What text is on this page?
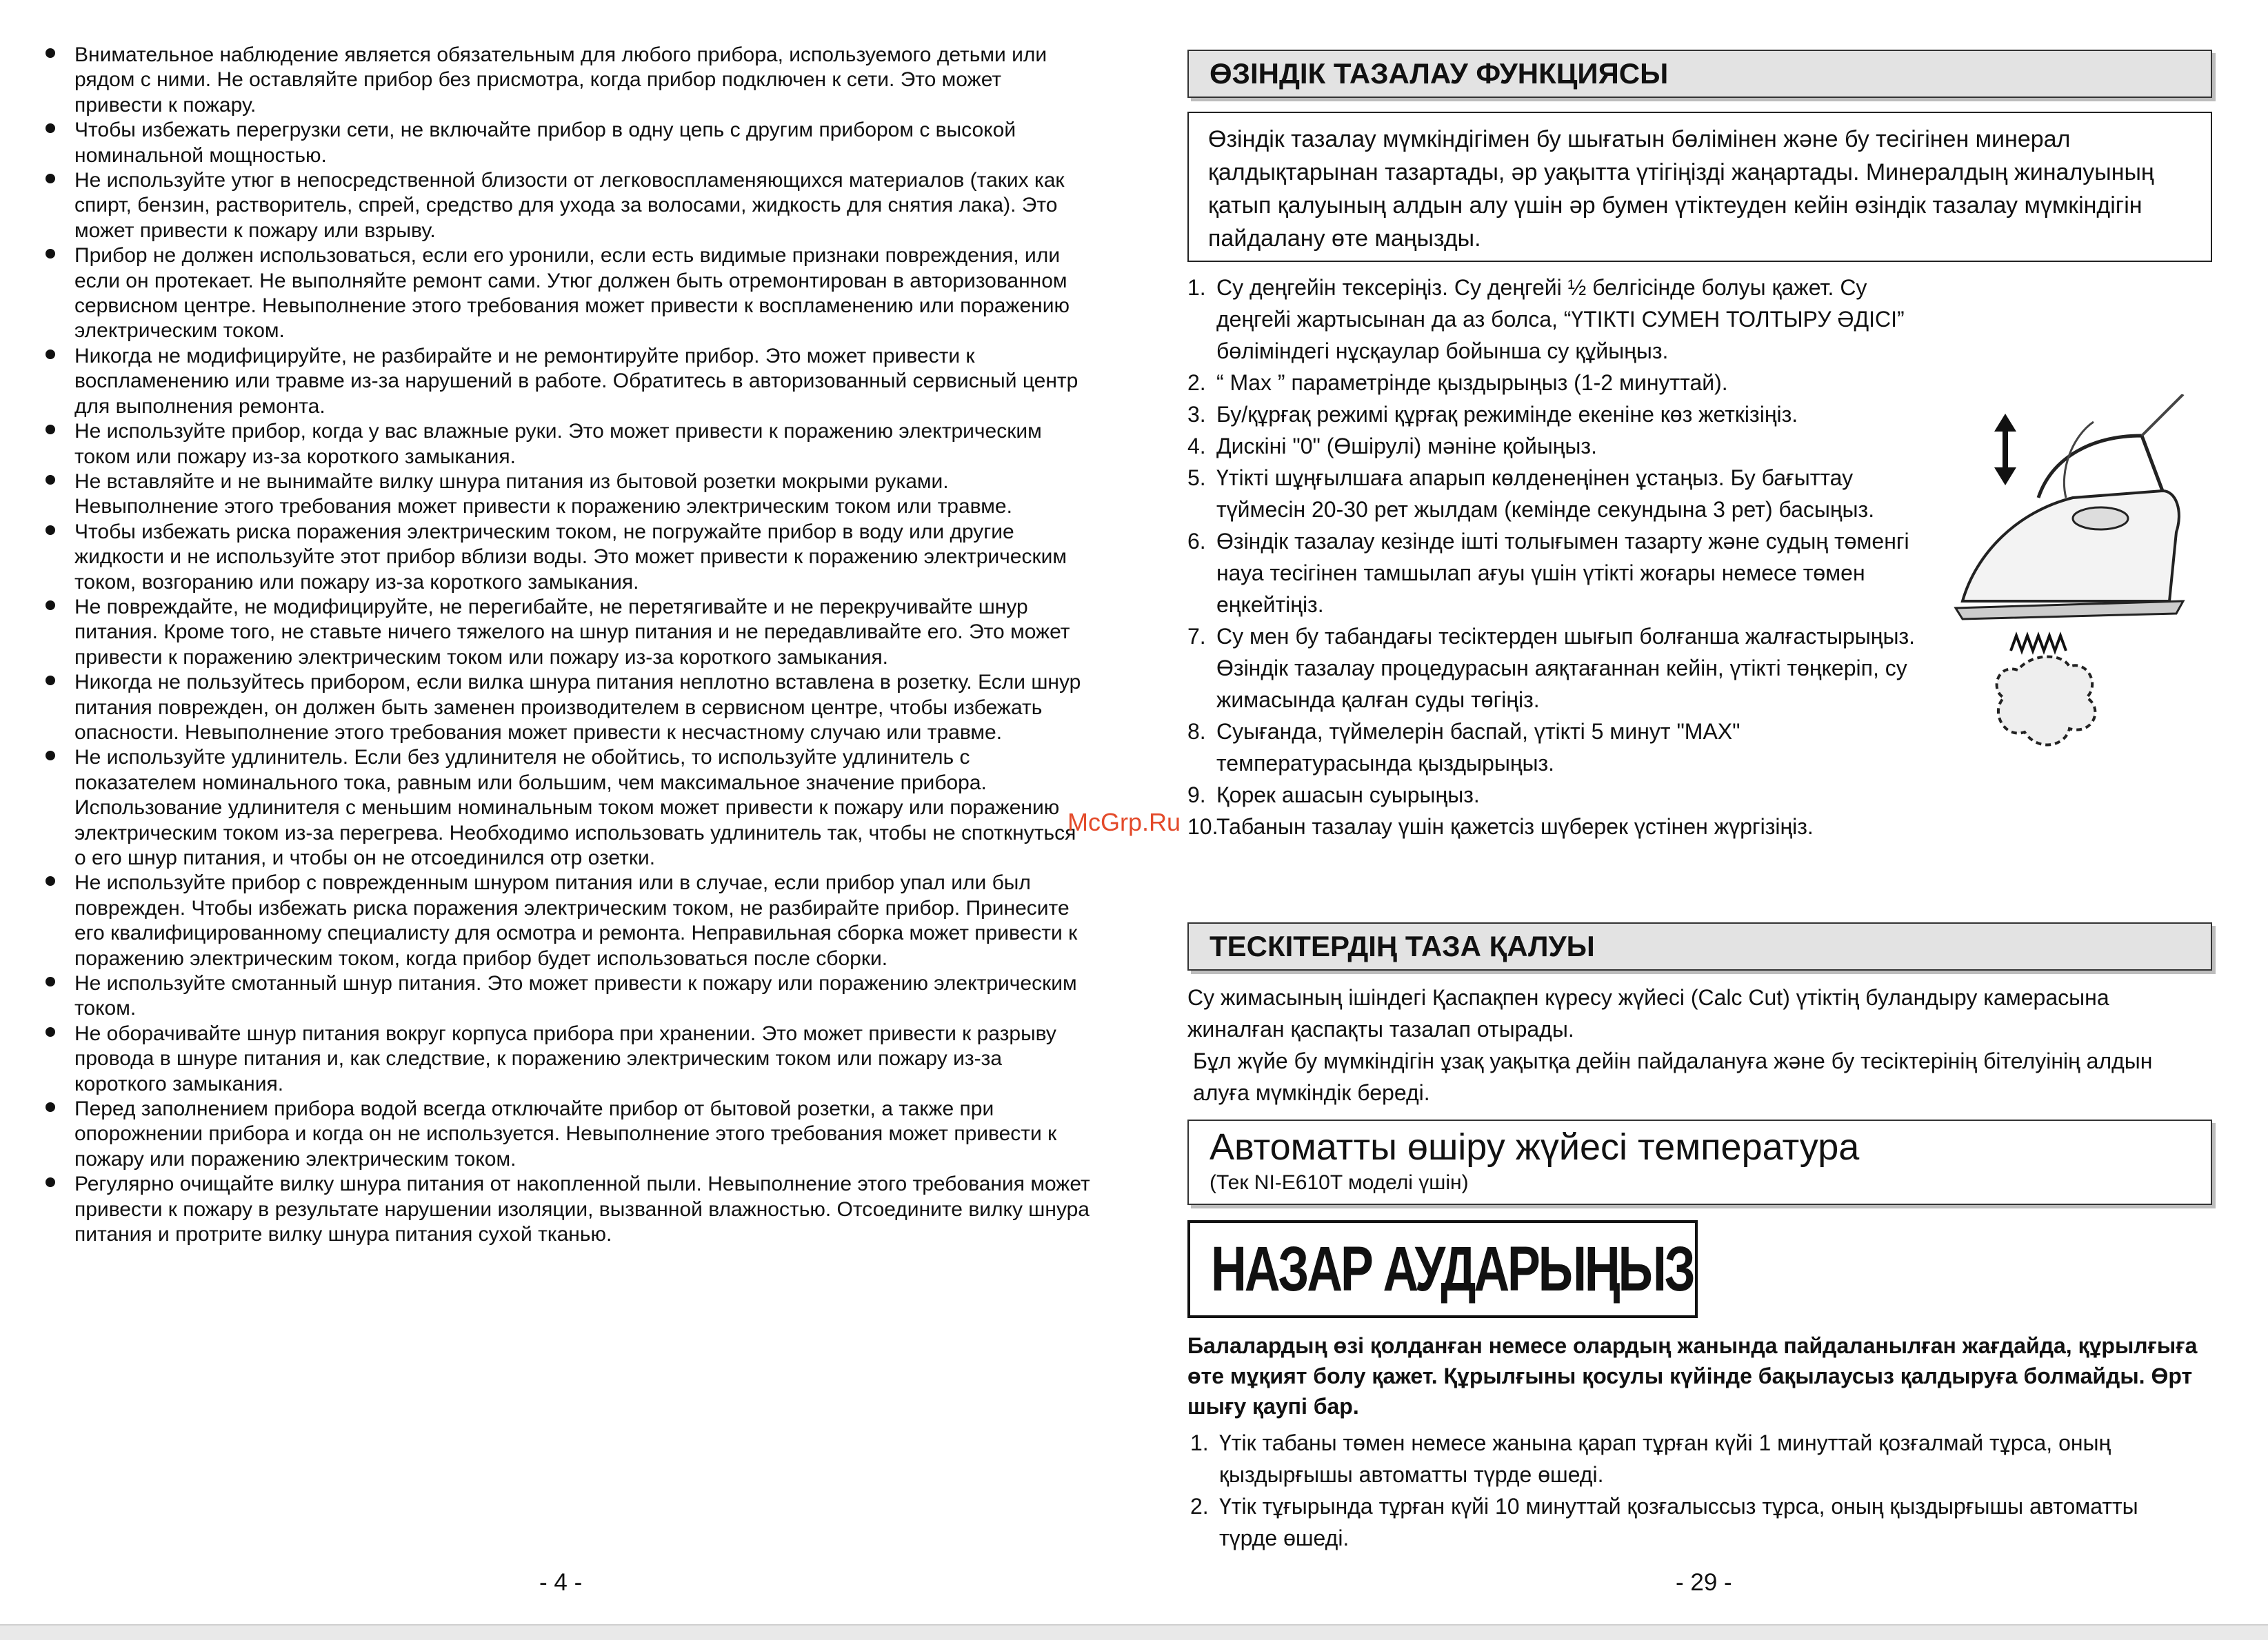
Внимательное наблюдение является обязательным для любого прибора, используемого детьми или рядом с ними. Не оставляйте прибор без присмотра, когда прибор подключен к сети. Это может привести к пожару.
Чтобы избежать перегрузки сети, не включайте прибор в одну цепь с другим прибором с высокой номинальной мощностью.
Не используйте утюг в непосредственной близости от легковоспламеняющихся материалов (таких как спирт, бензин, растворитель, спрей, средство для ухода за волосами, жидкость для снятия лака). Это может привести к пожару или взрыву.
Прибор не должен использоваться, если его уронили, если есть видимые признаки повреждения, или если он протекает. Не выполняйте ремонт сами. Утюг должен быть отремонтирован в авторизованном сервисном центре. Невыполнение этого требования может привести к воспламенению или поражению электрическим током.
Никогда не модифицируйте, не разбирайте и не ремонтируйте прибор. Это может привести к воспламенению или травме из-за нарушений в работе. Обратитесь в авторизованный сервисный центр для выполнения ремонта.
Не используйте прибор, когда у вас влажные руки. Это может привести к поражению электрическим током или пожару из-за короткого замыкания.
Не вставляйте и не вынимайте вилку шнура питания из бытовой розетки мокрыми руками. Невыполнение этого требования может привести к поражению электрическим током или травме.
Чтобы избежать риска поражения электрическим током, не погружайте прибор в воду или другие жидкости и не используйте этот прибор вблизи воды. Это может привести к поражению электрическим током, возгоранию или пожару из-за короткого замыкания.
Не повреждайте, не модифицируйте, не перегибайте, не перетягивайте и не перекручивайте шнур питания. Кроме того, не ставьте ничего тяжелого на шнур питания и не передавливайте его. Это может привести к поражению электрическим током или пожару из-за короткого замыкания.
Никогда не пользуйтесь прибором, если вилка шнура питания неплотно вставлена в розетку. Если шнур питания поврежден, он должен быть заменен производителем в сервисном центре, чтобы избежать опасности. Невыполнение этого требования может привести к несчастному случаю или травме.
Не используйте удлинитель. Если без удлинителя не обойтись, то используйте удлинитель с показателем номинального тока, равным или большим, чем максимальное значение прибора. Использование удлинителя с меньшим номинальным током может привести к пожару или поражению электрическим током из-за перегрева. Необходимо использовать удлинитель так, чтобы не споткнуться о его шнур питания, и чтобы он не отсоединился отр озетки.
Не используйте прибор с поврежденным шнуром питания или в случае, если прибор упал или был поврежден. Чтобы избежать риска поражения электрическим током, не разбирайте прибор. Принесите его квалифицированному специалисту для осмотра и ремонта. Неправильная сборка может привести к поражению электрическим током, когда прибор будет использоваться после сборки.
Не используйте смотанный шнур питания. Это может привести к пожару или поражению электрическим током.
Не оборачивайте шнур питания вокруг корпуса прибора при хранении. Это может привести к разрыву провода в шнуре питания и, как следствие, к поражению электрическим током или пожару из-за короткого замыкания.
Перед заполнением прибора водой всегда отключайте прибор от бытовой розетки, а также при опорожнении прибора и когда он не используется. Невыполнение этого требования может привести к пожару или поражению электрическим током.
Регулярно очищайте вилку шнура питания от накопленной пыли. Невыполнение этого требования может привести к пожару в результате нарушении изоляции, вызванной влажностью. Отсоедините вилку шнура питания и протрите вилку шнура питания сухой тканью.
- 4 -
ӨЗІНДІК ТАЗАЛАУ ФУНКЦИЯСЫ
Өзіндік тазалау мүмкіндігімен бу шығатын бөлімінен және бу тесігінен минерал қалдықтарынан тазартады, әр уақытта үтігіңізді жаңартады. Минералдың жиналуының қатып қалуының алдын алу үшін әр бумен үтіктеуден кейін өзіндік тазалау мүмкіндігін пайдалану өте маңызды.
1. Су деңгейін тексеріңіз. Су деңгейі ½ белгісінде болуы қажет. Су деңгейі жартысынан да аз болса, “ҮТІКТІ СУМЕН ТОЛТЫРУ ӘДІСІ” бөліміндегі нұсқаулар бойынша су құйыңыз.
2. “ Max ” параметрінде қыздырыңыз (1-2 минуттай).
3. Бу/құрғақ режимі құрғақ режимінде екеніне көз жеткізіңіз.
4. Дискіні "0" (Өшірулі) мәніне қойыңыз.
5. Үтікті шұңғылшаға апарып көлденеңінен ұстаңыз. Бу бағыттау түймесін 20-30 рет жылдам (кемінде секундына 3 рет) басыңыз.
6. Өзіндік тазалау кезінде ішті толығымен тазарту және судың төменгі науа тесігінен тамшылап ағуы үшін үтікті жоғары немесе төмен еңкейтіңіз.
7. Су мен бу табандағы тесіктерден шығып болғанша жалғастырыңыз. Өзіндік тазалау процедурасын аяқтағаннан кейін, үтікті төңкеріп, су жимасында қалған суды төгіңіз.
8. Суығанда, түймелерін баспай, үтікті 5 минут "MAX" температурасында қыздырыңыз.
9. Қорек ашасын суырыңыз.
10.
Табанын тазалау үшін қажетсіз шүберек үстінен жүргізіңіз.
McGrp.Ru
ТЕСКІТЕРДІҢ ТАЗА ҚАЛУЫ
Су жимасының ішіндегі Қаспақпен күресу жүйесі (Calc Cut) үтіктің буландыру камерасына жиналған қаспақты тазалап отырады.
Бұл жүйе бу мүмкіндігін ұзақ уақытқа дейін пайдалануға және бу тесіктерінің бітелуінің алдын алуға мүмкіндік береді.
Автоматты өшіру жүйесі температура
(Тек NI-E610T моделі үшін)
НАЗАР АУДАРЫҢЫЗ
Балалардың өзі қолданған немесе олардың жанында пайдаланылған жағдайда, құрылғыға өте мұқият болу қажет. Құрылғыны қосулы күйінде бақылаусыз қалдыруға болмайды. Өрт шығу қаупі бар.
1. Үтік табаны төмен немесе жанына қарап тұрған күйі 1 минуттай қозғалмай тұрса, оның қыздырғышы автоматты түрде өшеді.
2. Үтік тұғырында тұрған күйі 10 минуттай қозғалыссыз тұрса, оның қыздырғышы автоматты түрде өшеді.
- 29 -
